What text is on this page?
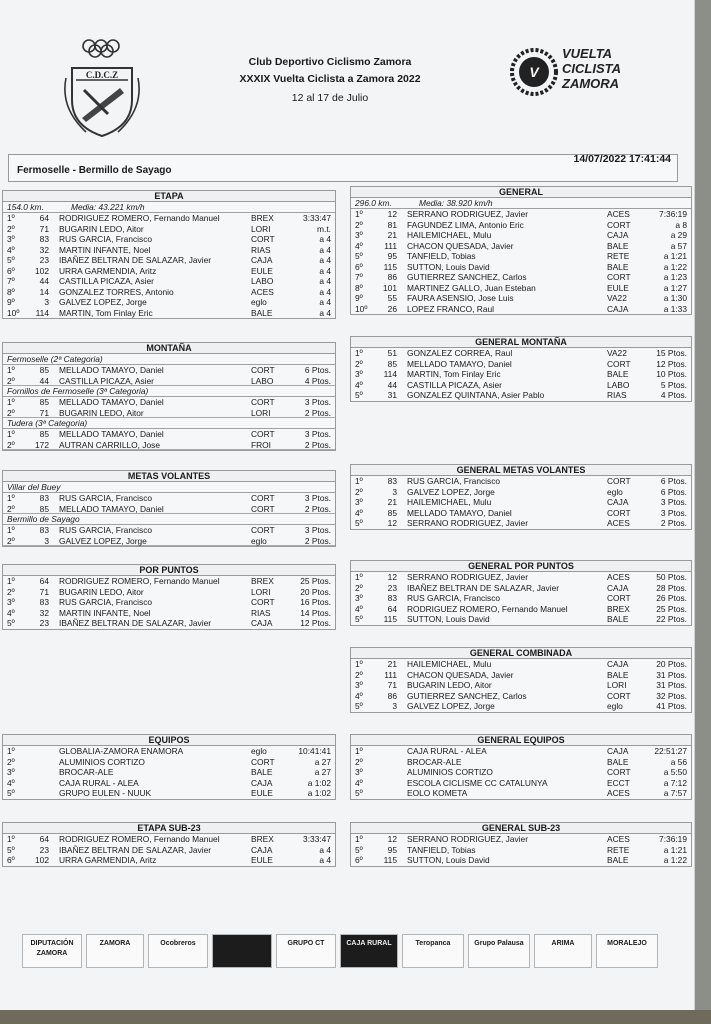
C.D.C.Z
Club Deportivo Ciclismo Zamora
XXXIX Vuelta Ciclista a Zamora 2022
12 al 17 de Julio
V
VUELTA
CICLISTA
ZAMORA
Fermoselle - Bermillo de Sayago
14/07/2022 17:41:44
ETAPA
154.0 km.	Media: 43.221 km/h
1º	64 RODRIGUEZ ROMERO, Fernando Manuel	BREX	3:33:47
2º	71 BUGARIN LEDO, Aitor	LORI	m.t.
3º	83 RUS GARCIA, Francisco	CORT	a 4
4º	32 MARTIN INFANTE, Noel	RIAS	a 4
5º	23 IBAÑEZ BELTRAN DE SALAZAR, Javier	CAJA	a 4
6º	102 URRA GARMENDIA, Aritz	EULE	a 4
7º	44 CASTILLA PICAZA, Asier	LABO	a 4
8º	14 GONZALEZ TORRES, Antonio	ACES	a 4
9º	3 GALVEZ LOPEZ, Jorge	eglo	a 4
10º	114 MARTIN, Tom Finlay Eric	BALE	a 4
GENERAL
296.0 km.	Media: 38.920 km/h
1º	12 SERRANO RODRIGUEZ, Javier	ACES	7:36:19
2º	81 FAGUNDEZ LIMA, Antonio Eric	CORT	a 8
3º	21 HAILEMICHAEL, Mulu	CAJA	a 29
4º	111 CHACON QUESADA, Javier	BALE	a 57
5º	95 TANFIELD, Tobias	RETE	a 1:21
6º	115 SUTTON, Louis David	BALE	a 1:22
7º	86 GUTIERREZ SANCHEZ, Carlos	CORT	a 1:23
8º	101 MARTINEZ GALLO, Juan Esteban	EULE	a 1:27
9º	55 FAURA ASENSIO, Jose Luis	VA22	a 1:30
10º	26 LOPEZ FRANCO, Raul	CAJA	a 1:33
MONTAÑA
Fermoselle (2ª Categoria)
1º	85 MELLADO TAMAYO, Daniel	CORT	6 Ptos.
2º	44 CASTILLA PICAZA, Asier	LABO	4 Ptos.
Fornillos de Fermoselle (3ª Categoria)
1º	85 MELLADO TAMAYO, Daniel	CORT	3 Ptos.
2º	71 BUGARIN LEDO, Aitor	LORI	2 Ptos.
Tudera (3ª Categoria)
1º	85 MELLADO TAMAYO, Daniel	CORT	3 Ptos.
2º	172 AUTRAN CARRILLO, Jose	FROI	2 Ptos.
GENERAL MONTAÑA
1º	51 GONZALEZ CORREA, Raul	VA22	15 Ptos.
2º	85 MELLADO TAMAYO, Daniel	CORT	12 Ptos.
3º	114 MARTIN, Tom Finlay Eric	BALE	10 Ptos.
4º	44 CASTILLA PICAZA, Asier	LABO	5 Ptos.
5º	31 GONZALEZ QUINTANA, Asier Pablo	RIAS	4 Ptos.
METAS VOLANTES
Villar del Buey
1º	83 RUS GARCIA, Francisco	CORT	3 Ptos.
2º	85 MELLADO TAMAYO, Daniel	CORT	2 Ptos.
Bermillo de Sayago
1º	83 RUS GARCIA, Francisco	CORT	3 Ptos.
2º	3 GALVEZ LOPEZ, Jorge	eglo	2 Ptos.
GENERAL METAS VOLANTES
1º	83 RUS GARCIA, Francisco	CORT	6 Ptos.
2º	3 GALVEZ LOPEZ, Jorge	eglo	6 Ptos.
3º	21 HAILEMICHAEL, Mulu	CAJA	3 Ptos.
4º	85 MELLADO TAMAYO, Daniel	CORT	3 Ptos.
5º	12 SERRANO RODRIGUEZ, Javier	ACES	2 Ptos.
POR PUNTOS
1º	64 RODRIGUEZ ROMERO, Fernando Manuel	BREX	25 Ptos.
2º	71 BUGARIN LEDO, Aitor	LORI	20 Ptos.
3º	83 RUS GARCIA, Francisco	CORT	16 Ptos.
4º	32 MARTIN INFANTE, Noel	RIAS	14 Ptos.
5º	23 IBAÑEZ BELTRAN DE SALAZAR, Javier	CAJA	12 Ptos.
GENERAL POR PUNTOS
1º	12 SERRANO RODRIGUEZ, Javier	ACES	50 Ptos.
2º	23 IBAÑEZ BELTRAN DE SALAZAR, Javier	CAJA	28 Ptos.
3º	83 RUS GARCIA, Francisco	CORT	26 Ptos.
4º	64 RODRIGUEZ ROMERO, Fernando Manuel	BREX	25 Ptos.
5º	115 SUTTON, Louis David	BALE	22 Ptos.
GENERAL COMBINADA
1º	21 HAILEMICHAEL, Mulu	CAJA	20 Ptos.
2º	111 CHACON QUESADA, Javier	BALE	31 Ptos.
3º	71 BUGARIN LEDO, Aitor	LORI	31 Ptos.
4º	86 GUTIERREZ SANCHEZ, Carlos	CORT	32 Ptos.
5º	3 GALVEZ LOPEZ, Jorge	eglo	41 Ptos.
EQUIPOS
1º	GLOBALIA-ZAMORA ENAMORA	eglo	10:41:41
2º	ALUMINIOS CORTIZO	CORT	a 27
3º	BROCAR-ALE	BALE	a 27
4º	CAJA RURAL - ALEA	CAJA	a 1:02
5º	GRUPO EULEN - NUUK	EULE	a 1:02
GENERAL EQUIPOS
1º	CAJA RURAL - ALEA	CAJA	22:51:27
2º	BROCAR-ALE	BALE	a 56
3º	ALUMINIOS CORTIZO	CORT	a 5:50
4º	ESCOLA CICLISME CC CATALUNYA	ECCT	a 7:12
5º	EOLO KOMETA	ACES	a 7:57
ETAPA SUB-23
1º	64 RODRIGUEZ ROMERO, Fernando Manuel	BREX	3:33:47
5º	23 IBAÑEZ BELTRAN DE SALAZAR, Javier	CAJA	a 4
6º	102 URRA GARMENDIA, Aritz	EULE	a 4
GENERAL SUB-23
1º	12 SERRANO RODRIGUEZ, Javier	ACES	7:36:19
5º	95 TANFIELD, Tobias	RETE	a 1:21
6º	115 SUTTON, Louis David	BALE	a 1:22
DIPUTACIÓN ZAMORA
ZAMORA	Ocobreros	GRUPO CT	CAJA RURAL	Teropanca	Grupo Palausa	ARIMA	MORALEJO
